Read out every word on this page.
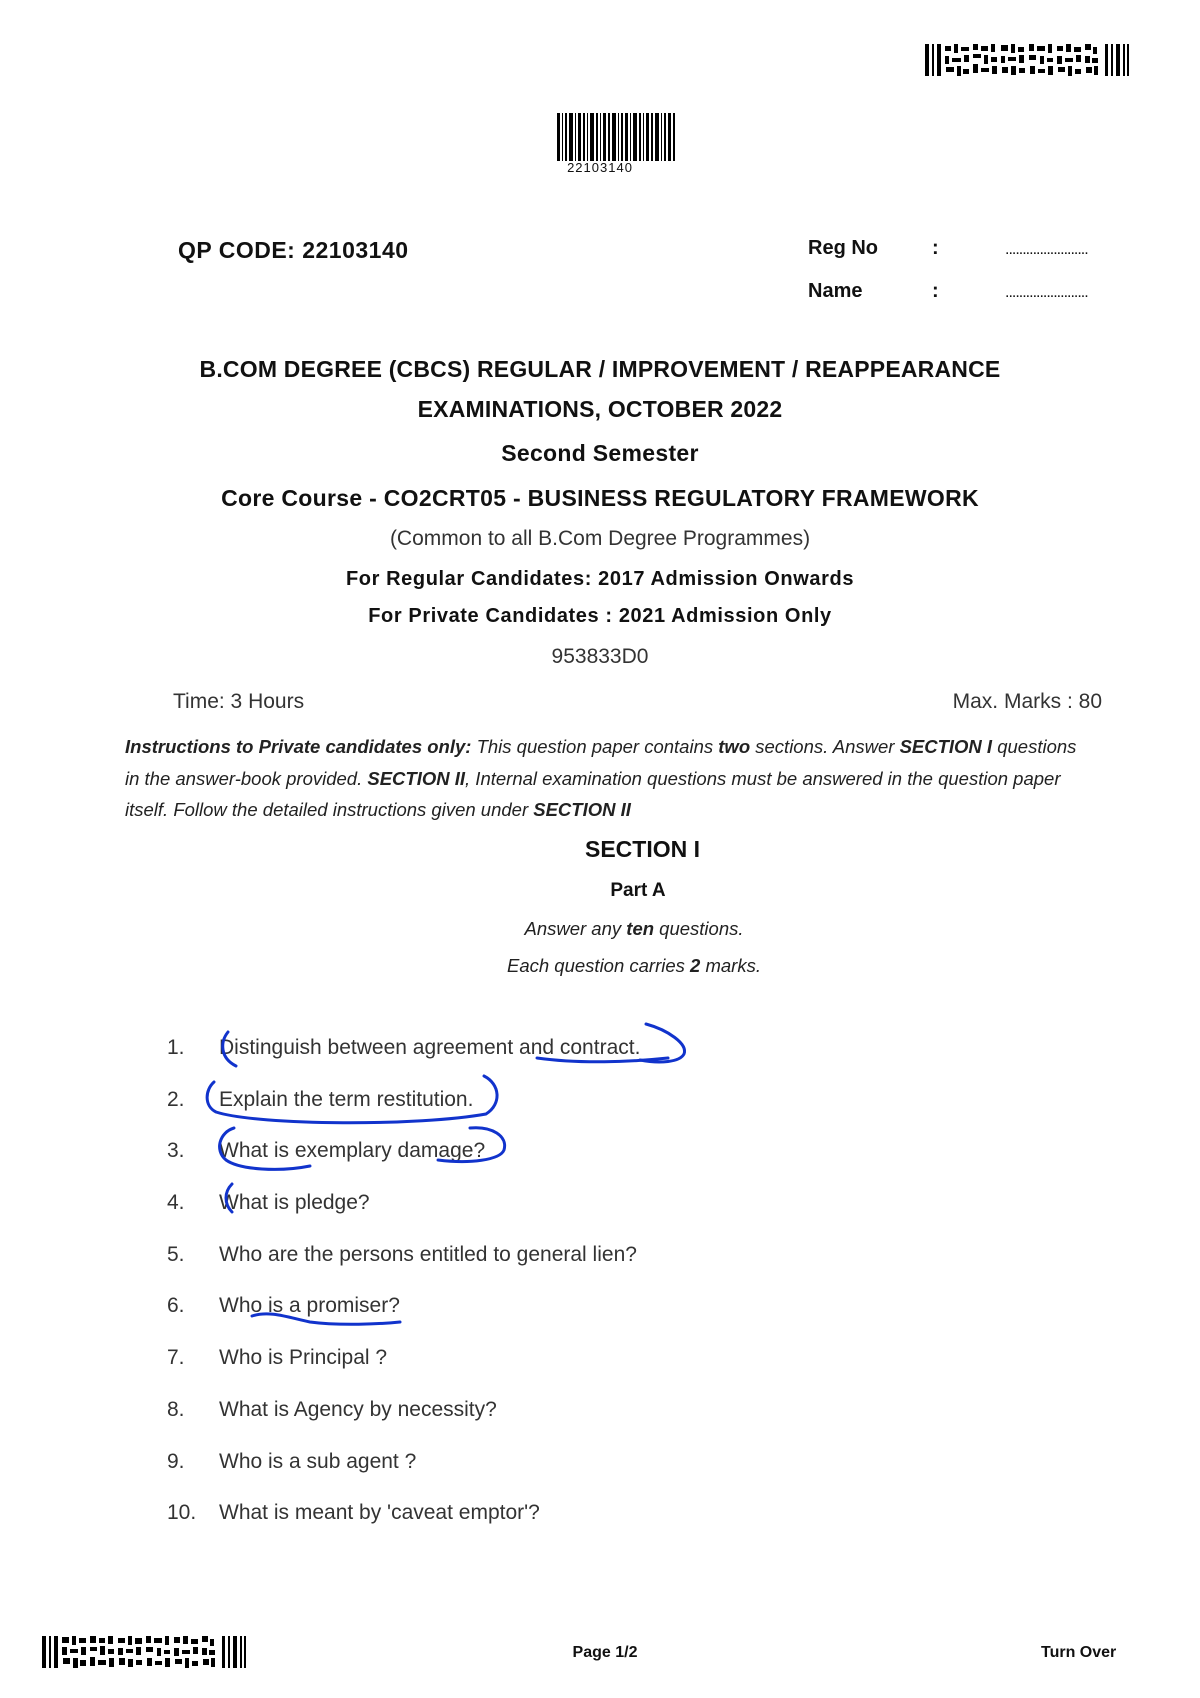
22103140
QP CODE: 22103140	Reg No	:	........................
Name	:	........................
B.COM DEGREE (CBCS) REGULAR / IMPROVEMENT / REAPPEARANCE
EXAMINATIONS, OCTOBER 2022
Second Semester
Core Course - CO2CRT05 - BUSINESS REGULATORY FRAMEWORK
(Common to all B.Com Degree Programmes)
For Regular Candidates: 2017 Admission Onwards
For Private Candidates : 2021 Admission Only
953833D0
Time: 3 Hours	Max. Marks : 80
Instructions to Private candidates only: This question paper contains two sections. Answer SECTION I questions in the answer-book provided. SECTION II, Internal examination questions must be answered in the question paper itself. Follow the detailed instructions given under SECTION II
SECTION I
Part A
Answer any ten questions.
Each question carries 2 marks.
1.	Distinguish between agreement and contract.
2.	Explain the term restitution.
3.	What is exemplary damage?
4.	What is pledge?
5.	Who are the persons entitled to general lien?
6.	Who is a promiser?
7.	Who is Principal ?
8.	What is Agency by necessity?
9.	Who is a sub agent ?
10.	What is meant by 'caveat emptor'?
Page 1/2	Turn Over
